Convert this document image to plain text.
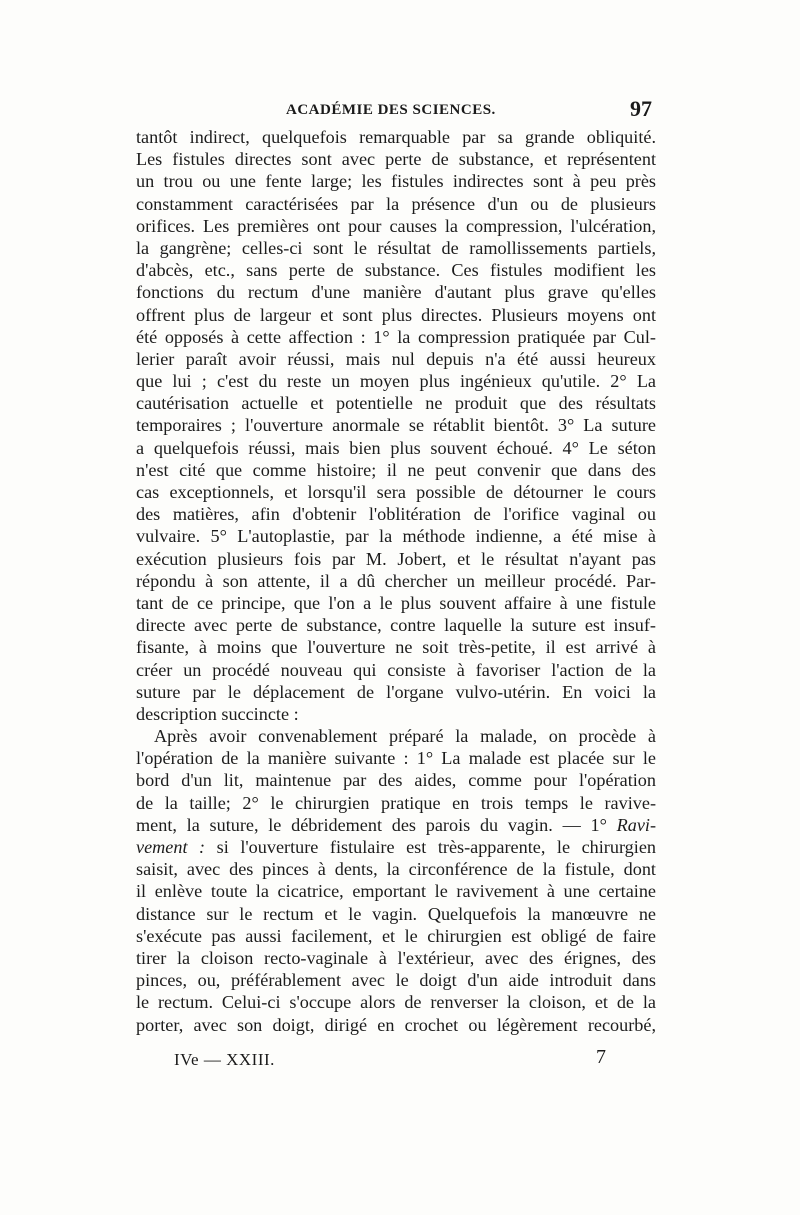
ACADÉMIE DES SCIENCES.	97
tantôt indirect, quelquefois remarquable par sa grande obliquité.
Les fistules directes sont avec perte de substance, et représentent
un trou ou une fente large; les fistules indirectes sont à peu près
constamment caractérisées par la présence d'un ou de plusieurs
orifices. Les premières ont pour causes la compression, l'ulcération,
la gangrène; celles-ci sont le résultat de ramollissements partiels,
d'abcès, etc., sans perte de substance. Ces fistules modifient les
fonctions du rectum d'une manière d'autant plus grave qu'elles
offrent plus de largeur et sont plus directes. Plusieurs moyens ont
été opposés à cette affection : 1° la compression pratiquée par Cul-
lerier paraît avoir réussi, mais nul depuis n'a été aussi heureux
que lui ; c'est du reste un moyen plus ingénieux qu'utile. 2° La
cautérisation actuelle et potentielle ne produit que des résultats
temporaires ; l'ouverture anormale se rétablit bientôt. 3° La suture
a quelquefois réussi, mais bien plus souvent échoué. 4° Le séton
n'est cité que comme histoire; il ne peut convenir que dans des
cas exceptionnels, et lorsqu'il sera possible de détourner le cours
des matières, afin d'obtenir l'oblitération de l'orifice vaginal ou
vulvaire. 5° L'autoplastie, par la méthode indienne, a été mise à
exécution plusieurs fois par M. Jobert, et le résultat n'ayant pas
répondu à son attente, il a dû chercher un meilleur procédé. Par-
tant de ce principe, que l'on a le plus souvent affaire à une fistule
directe avec perte de substance, contre laquelle la suture est insuf-
fisante, à moins que l'ouverture ne soit très-petite, il est arrivé à
créer un procédé nouveau qui consiste à favoriser l'action de la
suture par le déplacement de l'organe vulvo-utérin. En voici la
description succincte :
Après avoir convenablement préparé la malade, on procède à
l'opération de la manière suivante : 1° La malade est placée sur le
bord d'un lit, maintenue par des aides, comme pour l'opération
de la taille; 2° le chirurgien pratique en trois temps le ravive-
ment, la suture, le débridement des parois du vagin. — 1° Ravi-
vement : si l'ouverture fistulaire est très-apparente, le chirurgien
saisit, avec des pinces à dents, la circonférence de la fistule, dont
il enlève toute la cicatrice, emportant le ravivement à une certaine
distance sur le rectum et le vagin. Quelquefois la manœuvre ne
s'exécute pas aussi facilement, et le chirurgien est obligé de faire
tirer la cloison recto-vaginale à l'extérieur, avec des érignes, des
pinces, ou, préférablement avec le doigt d'un aide introduit dans
le rectum. Celui-ci s'occupe alors de renverser la cloison, et de la
porter, avec son doigt, dirigé en crochet ou légèrement recourbé,
IVe — XXIII.	7
